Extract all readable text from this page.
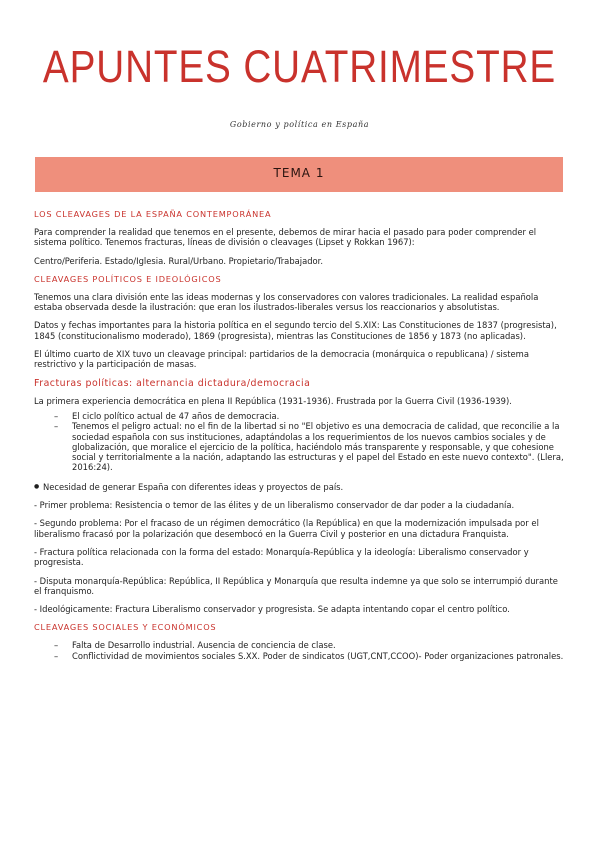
APUNTES CUATRIMESTRE
Gobierno y política en España
TEMA 1
LOS CLEAVAGES DE LA ESPAÑA CONTEMPORÁNEA
Para comprender la realidad que tenemos en el presente, debemos de mirar hacia el pasado para poder comprender el sistema político. Tenemos fracturas, líneas de división o cleavages (Lipset y Rokkan 1967):
Centro/Periferia. Estado/Iglesia. Rural/Urbano. Propietario/Trabajador.
CLEAVAGES POLÍTICOS E IDEOLÓGICOS
Tenemos una clara división ente las ideas modernas y los conservadores con valores tradicionales. La realidad española estaba observada desde la ilustración: que eran los ilustrados-liberales versus los reaccionarios y absolutistas.
Datos y fechas importantes para la historia política en el segundo tercio del S.XIX: Las Constituciones de 1837 (progresista), 1845 (constitucionalismo moderado), 1869 (progresista), mientras las Constituciones de 1856 y 1873 (no aplicadas).
El último cuarto de XIX tuvo un cleavage principal: partidarios de la democracia (monárquica o republicana) / sistema restrictivo y la participación de masas.
Fracturas políticas: alternancia dictadura/democracia
La primera experiencia democrática en plena II República (1931-1936). Frustrada por la Guerra Civil (1936-1939).
– El ciclo político actual de 47 años de democracia.
– Tenemos el peligro actual: no el fin de la libertad si no "El objetivo es una democracia de calidad, que reconcilie a la sociedad española con sus instituciones, adaptándolas a los requerimientos de los nuevos cambios sociales y de globalización, que moralice el ejercicio de la política, haciéndolo más transparente y responsable, y que cohesione social y territorialmente a la nación, adaptando las estructuras y el papel del Estado en este nuevo contexto". (Llera, 2016:24).
● Necesidad de generar España con diferentes ideas y proyectos de país.
- Primer problema: Resistencia o temor de las élites y de un liberalismo conservador de dar poder a la ciudadanía.
- Segundo problema: Por el fracaso de un régimen democrático (la República) en que la modernización impulsada por el liberalismo fracasó por la polarización que desembocó en la Guerra Civil y posterior en una dictadura Franquista.
- Fractura política relacionada con la forma del estado: Monarquía-República y la ideología: Liberalismo conservador y progresista.
- Disputa monarquía-República: República, II República y Monarquía que resulta indemne ya que solo se interrumpió durante el franquismo.
- Ideológicamente: Fractura Liberalismo conservador y progresista. Se adapta intentando copar el centro político.
CLEAVAGES SOCIALES Y ECONÓMICOS
– Falta de Desarrollo industrial. Ausencia de conciencia de clase.
– Conflictividad de movimientos sociales S.XX. Poder de sindicatos (UGT,CNT,CCOO)- Poder organizaciones patronales.
